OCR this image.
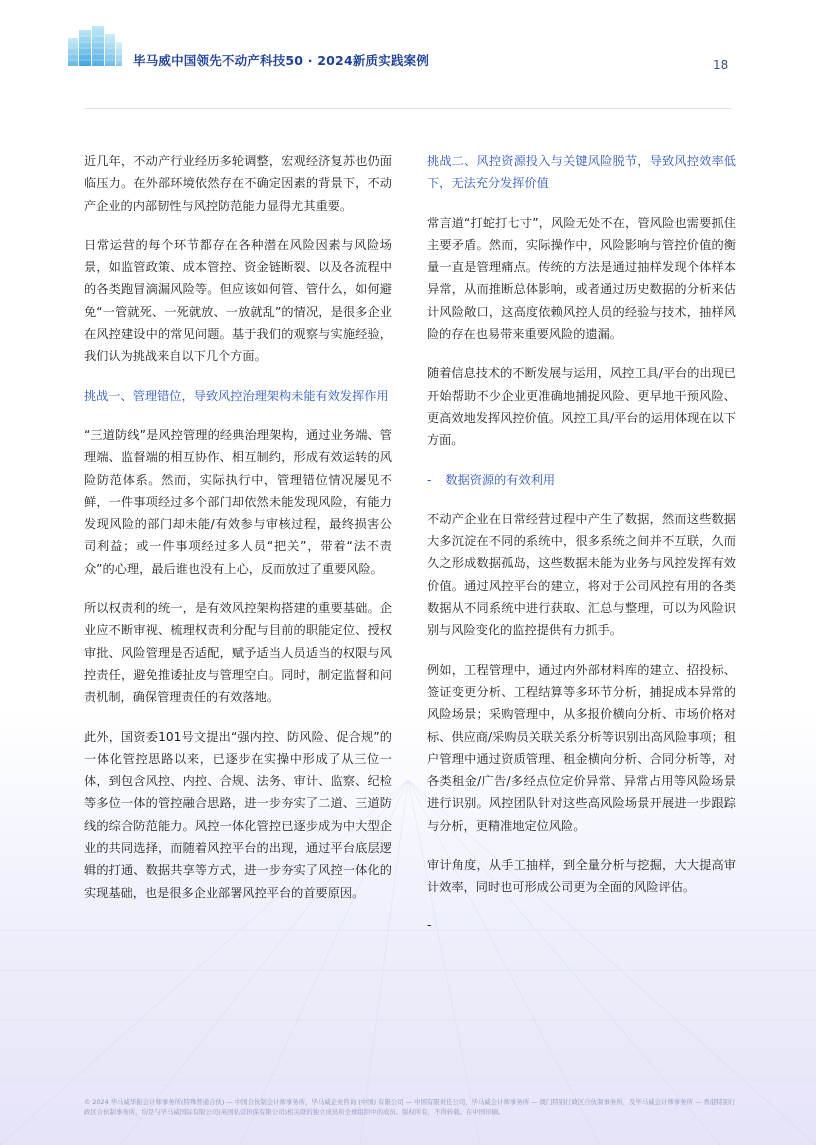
毕马威中国领先不动产科技50 · 2024新质实践案例	18

近几年，不动产行业经历多轮调整，宏观经济复苏也仍面临压力。在外部环境依然存在不确定因素的背景下，不动产企业的内部韧性与风控防范能力显得尤其重要。

日常运营的每个环节都存在各种潜在风险因素与风险场景，如监管政策、成本管控、资金链断裂、以及各流程中的各类跑冒滴漏风险等。但应该如何管、管什么，如何避免“一管就死、一死就放、一放就乱”的情况，是很多企业在风控建设中的常见问题。基于我们的观察与实施经验，我们认为挑战来自以下几个方面。

挑战一、管理错位，导致风控治理架构未能有效发挥作用

“三道防线”是风控管理的经典治理架构，通过业务端、管理端、监督端的相互协作、相互制约，形成有效运转的风险防范体系。然而，实际执行中，管理错位情况屡见不鲜，一件事项经过多个部门却依然未能发现风险，有能力发现风险的部门却未能/有效参与审核过程，最终损害公司利益；或一件事项经过多人员“把关”，带着“法不责众”的心理，最后谁也没有上心，反而放过了重要风险。

所以权责利的统一，是有效风控架构搭建的重要基础。企业应不断审视、梳理权责利分配与目前的职能定位、授权审批、风险管理是否适配，赋予适当人员适当的权限与风控责任，避免推诿扯皮与管理空白。同时，制定监督和问责机制，确保管理责任的有效落地。

此外，国资委101号文提出“强内控、防风险、促合规”的一体化管控思路以来，已逐步在实操中形成了从三位一体，到包含风控、内控、合规、法务、审计、监察、纪检等多位一体的管控融合思路，进一步夯实了二道、三道防线的综合防范能力。风控一体化管控已逐步成为中大型企业的共同选择，而随着风控平台的出现，通过平台底层逻辑的打通、数据共享等方式，进一步夯实了风控一体化的实现基础，也是很多企业部署风控平台的首要原因。

挑战二、风控资源投入与关键风险脱节，导致风控效率低下，无法充分发挥价值

常言道“打蛇打七寸”，风险无处不在，管风险也需要抓住主要矛盾。然而，实际操作中，风险影响与管控价值的衡量一直是管理痛点。传统的方法是通过抽样发现个体样本异常，从而推断总体影响，或者通过历史数据的分析来估计风险敞口，这高度依赖风控人员的经验与技术，抽样风险的存在也易带来重要风险的遗漏。

随着信息技术的不断发展与运用，风控工具/平台的出现已开始帮助不少企业更准确地捕捉风险、更早地干预风险、更高效地发挥风控价值。风控工具/平台的运用体现在以下方面。

- 数据资源的有效利用

不动产企业在日常经营过程中产生了数据，然而这些数据大多沉淀在不同的系统中，很多系统之间并不互联，久而久之形成数据孤岛，这些数据未能为业务与风控发挥有效价值。通过风控平台的建立，将对于公司风控有用的各类数据从不同系统中进行获取、汇总与整理，可以为风险识别与风险变化的监控提供有力抓手。

例如，工程管理中，通过内外部材料库的建立、招投标、签证变更分析、工程结算等多环节分析，捕捉成本异常的风险场景；采购管理中，从多报价横向分析、市场价格对标、供应商/采购员关联关系分析等识别出高风险事项；租户管理中通过资质管理、租金横向分析、合同分析等，对各类租金/广告/多经点位定价异常、异常占用等风险场景进行识别。风控团队针对这些高风险场景开展进一步跟踪与分析，更精准地定位风险。

审计角度，从手工抽样，到全量分析与挖掘，大大提高审计效率，同时也可形成公司更为全面的风险评估。

-

© 2024 毕马威华振会计师事务所(特殊普通合伙) — 中国合伙制会计师事务所，毕马威企业咨询 (中国) 有限公司 — 中国有限责任公司，毕马威会计师事务所 — 澳门特别行政区合伙制事务所，及毕马威会计师事务所 — 香港特别行政区合伙制事务所，均是与毕马威国际有限公司(英国私营担保有限公司)相关联的独立成员所全球组织中的成员。版权所有，不得转载。在中国印刷。
